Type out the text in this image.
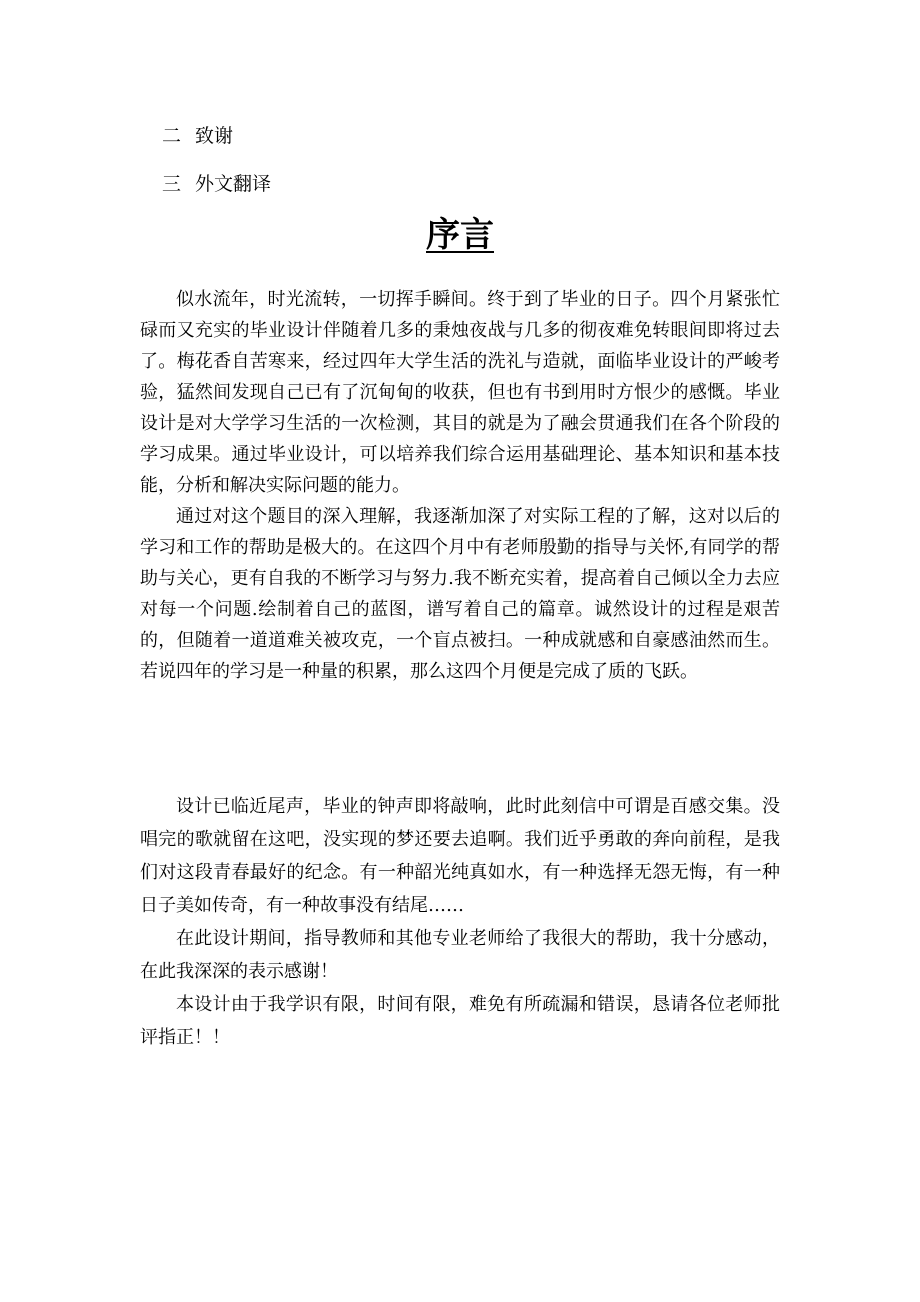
二 致谢
三 外文翻译
序言

似水流年，时光流转，一切挥手瞬间。终于到了毕业的日子。四个月紧张忙碌而又充实的毕业设计伴随着几多的秉烛夜战与几多的彻夜难免转眼间即将过去了。梅花香自苦寒来，经过四年大学生活的洗礼与造就，面临毕业设计的严峻考验，猛然间发现自己已有了沉甸甸的收获，但也有书到用时方恨少的感慨。毕业设计是对大学学习生活的一次检测，其目的就是为了融会贯通我们在各个阶段的学习成果。通过毕业设计，可以培养我们综合运用基础理论、基本知识和基本技能，分析和解决实际问题的能力。

通过对这个题目的深入理解，我逐渐加深了对实际工程的了解，这对以后的学习和工作的帮助是极大的。在这四个月中有老师殷勤的指导与关怀,有同学的帮助与关心，更有自我的不断学习与努力.我不断充实着，提高着自己倾以全力去应对每一个问题.绘制着自己的蓝图，谱写着自己的篇章。诚然设计的过程是艰苦的，但随着一道道难关被攻克，一个盲点被扫。一种成就感和自豪感油然而生。若说四年的学习是一种量的积累，那么这四个月便是完成了质的飞跃。

设计已临近尾声，毕业的钟声即将敲响，此时此刻信中可谓是百感交集。没唱完的歌就留在这吧，没实现的梦还要去追啊。我们近乎勇敢的奔向前程，是我们对这段青春最好的纪念。有一种韶光纯真如水，有一种选择无怨无悔，有一种日子美如传奇，有一种故事没有结尾……

在此设计期间，指导教师和其他专业老师给了我很大的帮助，我十分感动，在此我深深的表示感谢！

本设计由于我学识有限，时间有限，难免有所疏漏和错误，恳请各位老师批评指正！！
